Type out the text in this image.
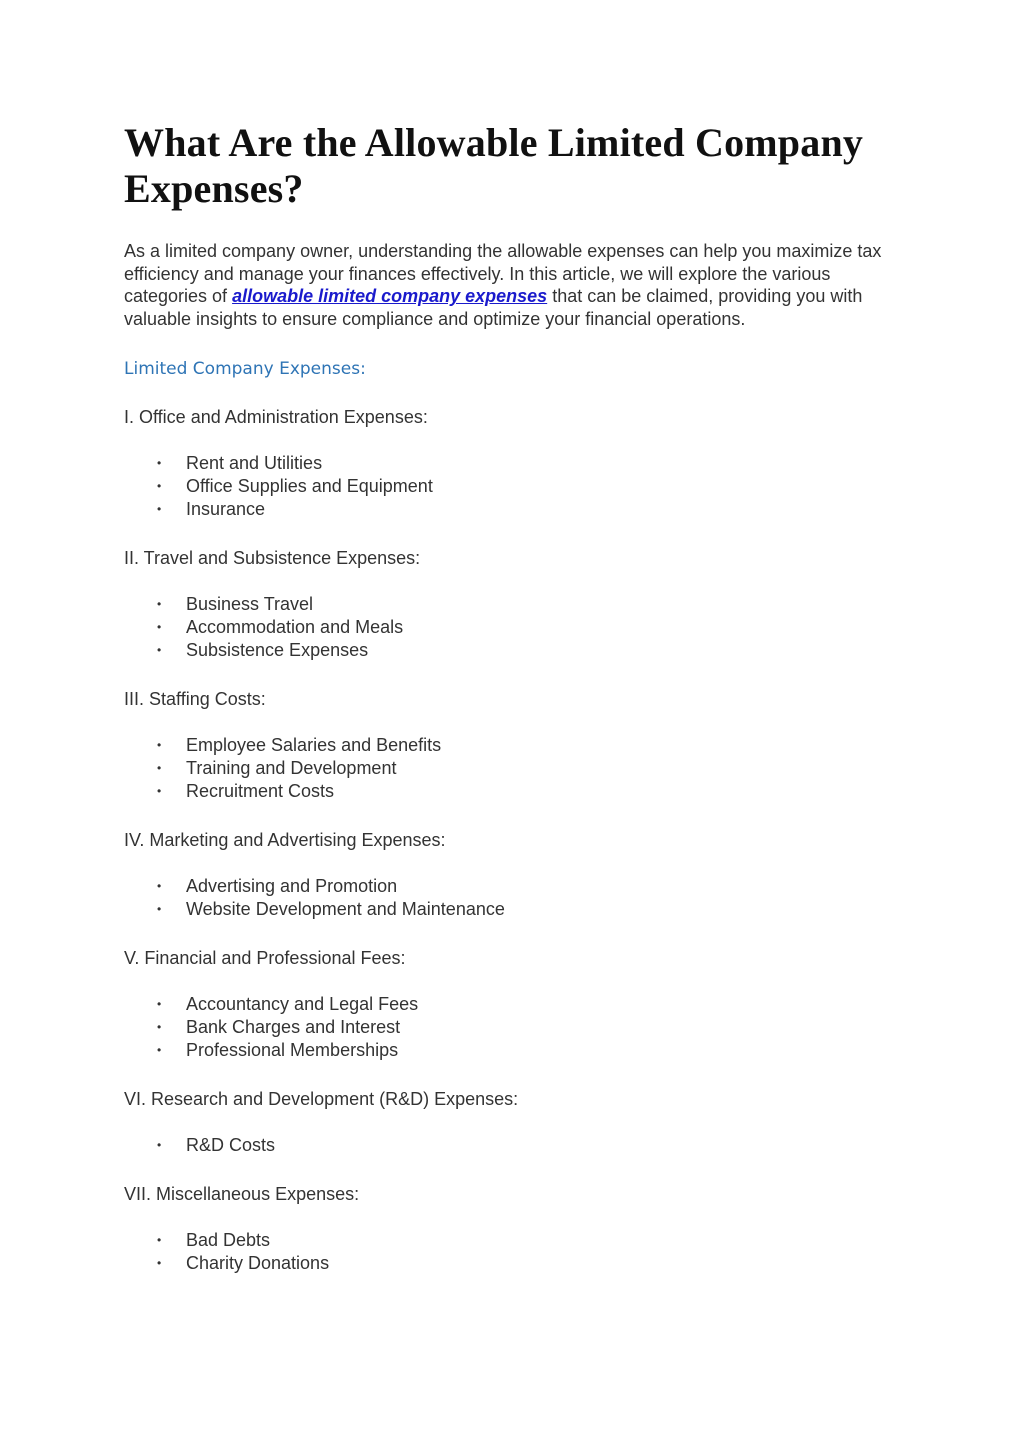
What Are the Allowable Limited Company Expenses?

As a limited company owner, understanding the allowable expenses can help you maximize tax efficiency and manage your finances effectively. In this article, we will explore the various categories of allowable limited company expenses that can be claimed, providing you with valuable insights to ensure compliance and optimize your financial operations.

Limited Company Expenses:

I. Office and Administration Expenses:

• Rent and Utilities
• Office Supplies and Equipment
• Insurance

II. Travel and Subsistence Expenses:

• Business Travel
• Accommodation and Meals
• Subsistence Expenses

III. Staffing Costs:

• Employee Salaries and Benefits
• Training and Development
• Recruitment Costs

IV. Marketing and Advertising Expenses:

• Advertising and Promotion
• Website Development and Maintenance

V. Financial and Professional Fees:

• Accountancy and Legal Fees
• Bank Charges and Interest
• Professional Memberships

VI. Research and Development (R&D) Expenses:

• R&D Costs

VII. Miscellaneous Expenses:

• Bad Debts
• Charity Donations
